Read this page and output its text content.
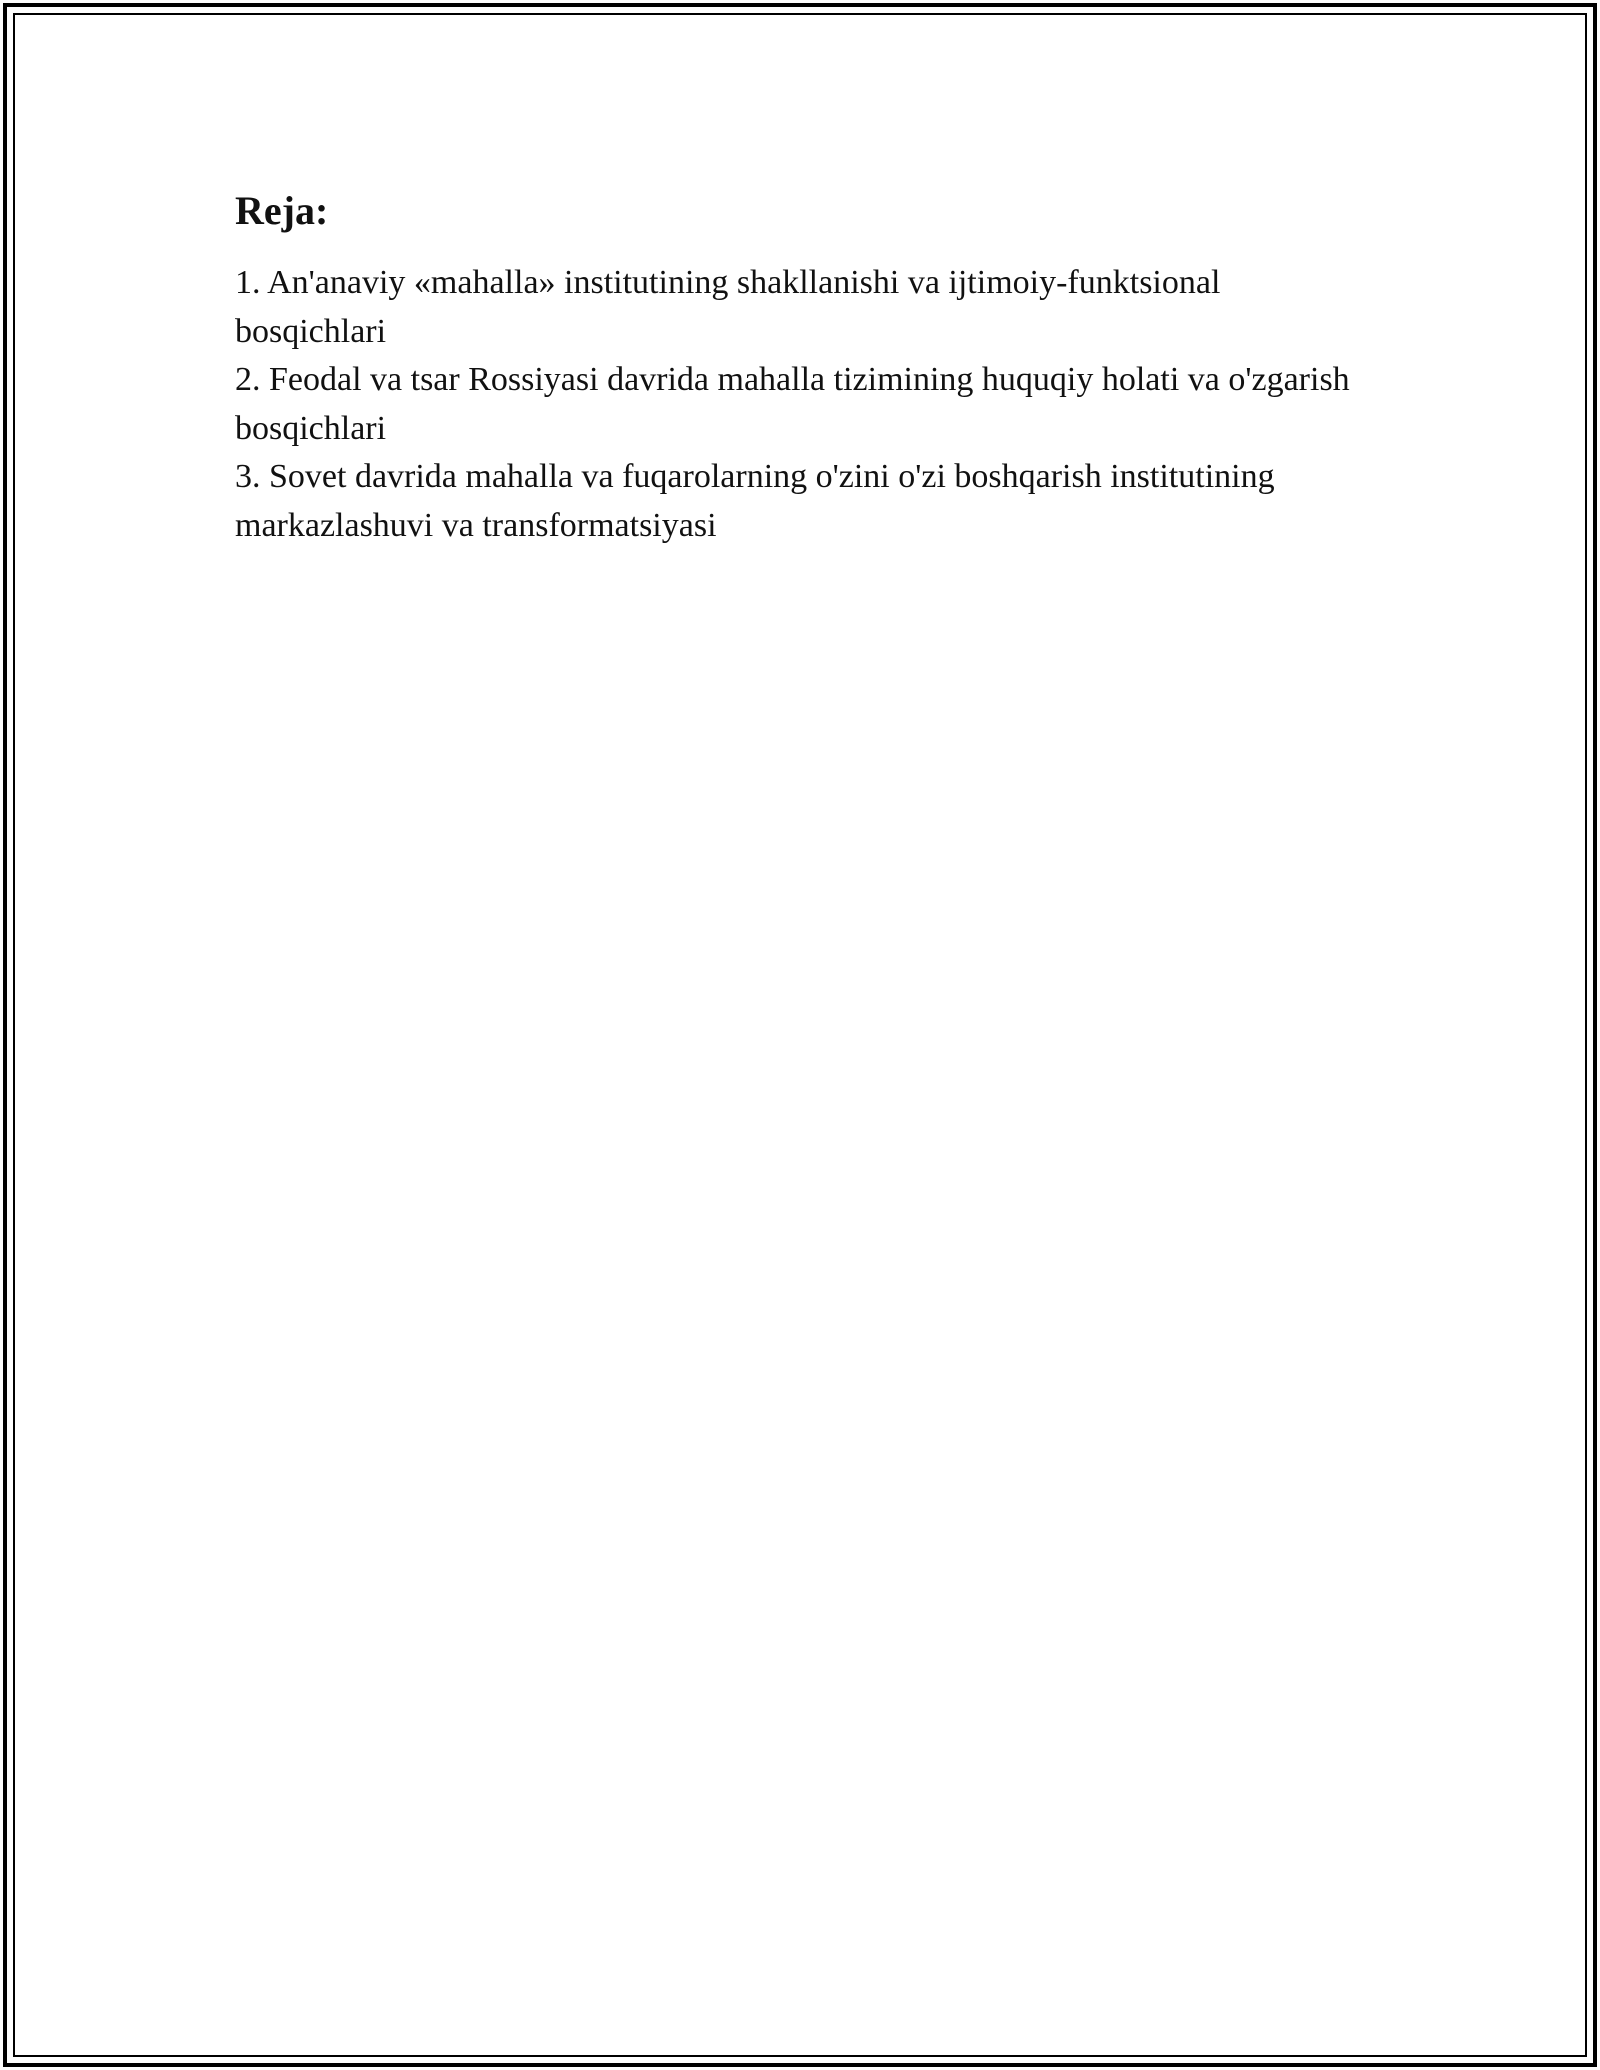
Reja:
1. An'anaviy «mahalla» institutining shakllanishi va ijtimoiy-funktsional bosqichlari
2. Feodal va tsar Rossiyasi davrida mahalla tizimining huquqiy holati va o'zgarish bosqichlari
3. Sovet davrida mahalla va fuqarolarning o'zini o'zi boshqarish institutining markazlashuvi va transformatsiyasi
